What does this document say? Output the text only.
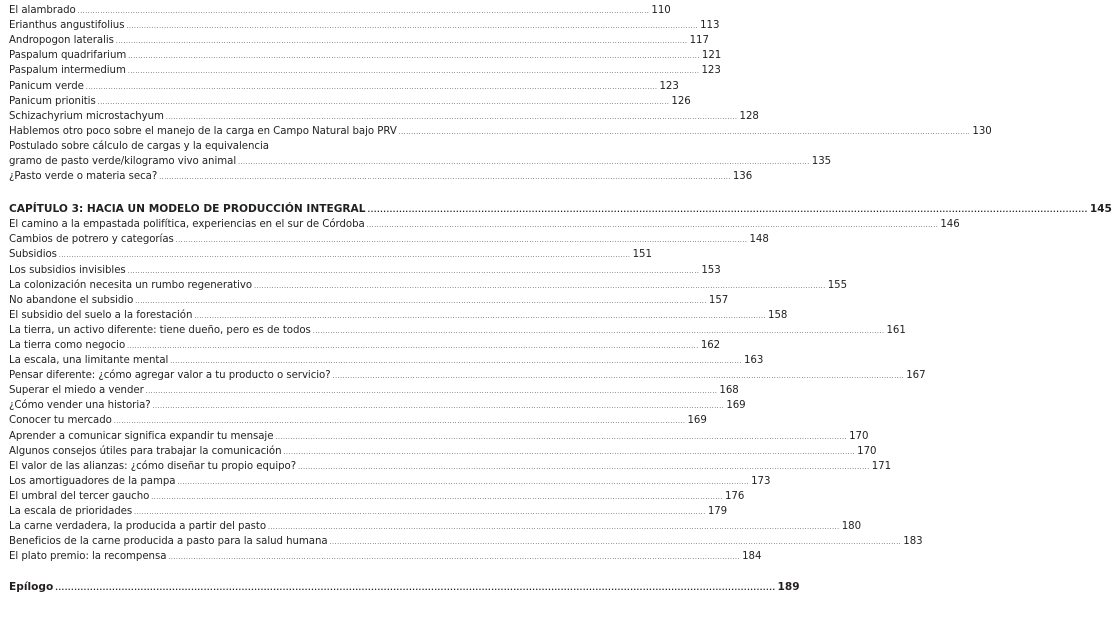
El alambrado .................................................................................................................................................................................................................................... 110
Erianthus angustifolius .................................................................................................................................................................................................................................... 113
Andropogon lateralis .................................................................................................................................................................................................................................... 117
Paspalum quadrifarium .................................................................................................................................................................................................................................... 121
Paspalum intermedium .................................................................................................................................................................................................................................... 123
Panicum verde .................................................................................................................................................................................................................................... 123
Panicum prionitis .................................................................................................................................................................................................................................... 126
Schizachyrium microstachyum .................................................................................................................................................................................................................................... 128
Hablemos otro poco sobre el manejo de la carga en Campo Natural bajo PRV .................................................................................................................................................................................................................................... 130
Postulado sobre cálculo de cargas y la equivalencia
gramo de pasto verde/kilogramo vivo animal .................................................................................................................................................................................................................................... 135
¿Pasto verde o materia seca? .................................................................................................................................................................................................................................... 136
CAPÍTULO 3: HACIA UN MODELO DE PRODUCCIÓN INTEGRAL .................................................................................................................................................................................................................................... 145
El camino a la empastada polifítica, experiencias en el sur de Córdoba .................................................................................................................................................................................................................................... 146
Cambios de potrero y categorías .................................................................................................................................................................................................................................... 148
Subsidios .................................................................................................................................................................................................................................... 151
Los subsidios invisibles .................................................................................................................................................................................................................................... 153
La colonización necesita un rumbo regenerativo .................................................................................................................................................................................................................................... 155
No abandone el subsidio .................................................................................................................................................................................................................................... 157
El subsidio del suelo a la forestación .................................................................................................................................................................................................................................... 158
La tierra, un activo diferente: tiene dueño, pero es de todos .................................................................................................................................................................................................................................... 161
La tierra como negocio .................................................................................................................................................................................................................................... 162
La escala, una limitante mental .................................................................................................................................................................................................................................... 163
Pensar diferente: ¿cómo agregar valor a tu producto o servicio? .................................................................................................................................................................................................................................... 167
Superar el miedo a vender .................................................................................................................................................................................................................................... 168
¿Cómo vender una historia? .................................................................................................................................................................................................................................... 169
Conocer tu mercado .................................................................................................................................................................................................................................... 169
Aprender a comunicar significa expandir tu mensaje .................................................................................................................................................................................................................................... 170
Algunos consejos útiles para trabajar la comunicación .................................................................................................................................................................................................................................... 170
El valor de las alianzas: ¿cómo diseñar tu propio equipo? .................................................................................................................................................................................................................................... 171
Los amortiguadores de la pampa .................................................................................................................................................................................................................................... 173
El umbral del tercer gaucho .................................................................................................................................................................................................................................... 176
La escala de prioridades .................................................................................................................................................................................................................................... 179
La carne verdadera, la producida a partir del pasto .................................................................................................................................................................................................................................... 180
Beneficios de la carne producida a pasto para la salud humana .................................................................................................................................................................................................................................... 183
El plato premio: la recompensa .................................................................................................................................................................................................................................... 184
Epílogo .................................................................................................................................................................................................................................... 189
